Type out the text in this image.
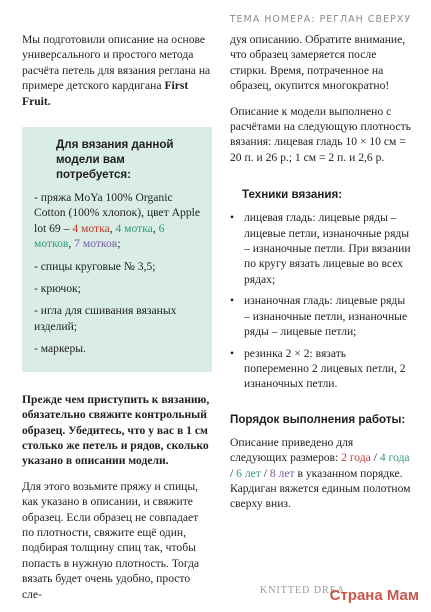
ТЕМА НОМЕРА: РЕГЛАН СВЕРХУ

Мы подготовили описание на основе универсального и простого метода расчёта петель для вязания реглана на примере детского кардигана First Fruit.

Для вязания данной модели вам потребуется:
- пряжа MoYa 100% Organic Cotton (100% хлопок), цвет Apple lot 69 – 4 мотка, 4 мотка, 6 мотков, 7 мотков;
- спицы круговые № 3,5;
- крючок;
- игла для сшивания вязаных изделий;
- маркеры.

Прежде чем приступить к вязанию, обязательно свяжите контрольный образец. Убедитесь, что у вас в 1 см столько же петель и рядов, сколько указано в описании модели.

Для этого возьмите пряжу и спицы, как указано в описании, и свяжите образец. Если образец не совпадает по плотности, свяжите ещё один, подбирая толщину спиц так, чтобы попасть в нужную плотность. Тогда вязать будет очень удобно, просто сле-

дуя описанию. Обратите внимание, что образец замеряется после стирки. Время, потраченное на образец, окупится многократно!

Описание к модели выполнено с расчётами на следующую плотность вязания: лицевая гладь 10 × 10 см = 20 п. и 26 р.; 1 см = 2 п. и 2,6 р.

Техники вязания:
• лицевая гладь: лицевые ряды – лицевые петли, изнаночные ряды – изнаночные петли. При вязании по кругу вязать лицевые во всех рядах;
• изнаночная гладь: лицевые ряды – изнаночные петли, изнаночные ряды – лицевые петли;
• резинка 2 × 2: вязать попеременно 2 лицевых петли, 2 изнаночных петли.
Порядок выполнения работы:

Описание приведено для следующих размеров: 2 года / 4 года / 6 лет / 8 лет в указанном порядке. Кардиган вяжется единым полотном сверху вниз.

KNITTED DREA
Страна Мам
